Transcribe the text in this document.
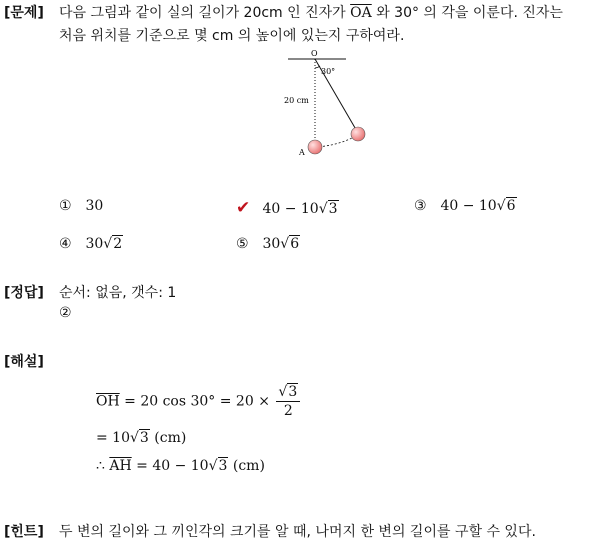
[문제] 다음 그림과 같이 실의 길이가 20cm 인 진자가 $\overline{OA}$ 와 30° 의 각을 이룬다. 진자는
처음 위치를 기준으로 몇 cm 의 높이에 있는지 구하여라.
O
30°
20 cm
A
① 30	✔ 40 − 10√3	③ 40 − 10√6
④ 30√2	⑤ 30√6
[정답] 순서: 없음, 갯수: 1
②
[해설]
$\overline{OH} = 20$ $\cos 30^\circ = 20 \times \frac{√3}{2}$
= 10√3 (cm)
∴ $\overline{AH} = 40 - 10√3$ (cm)
[힌트] 두 변의 길이와 그 끼인각의 크기를 알 때, 나머지 한 변의 길이를 구할 수 있다.
